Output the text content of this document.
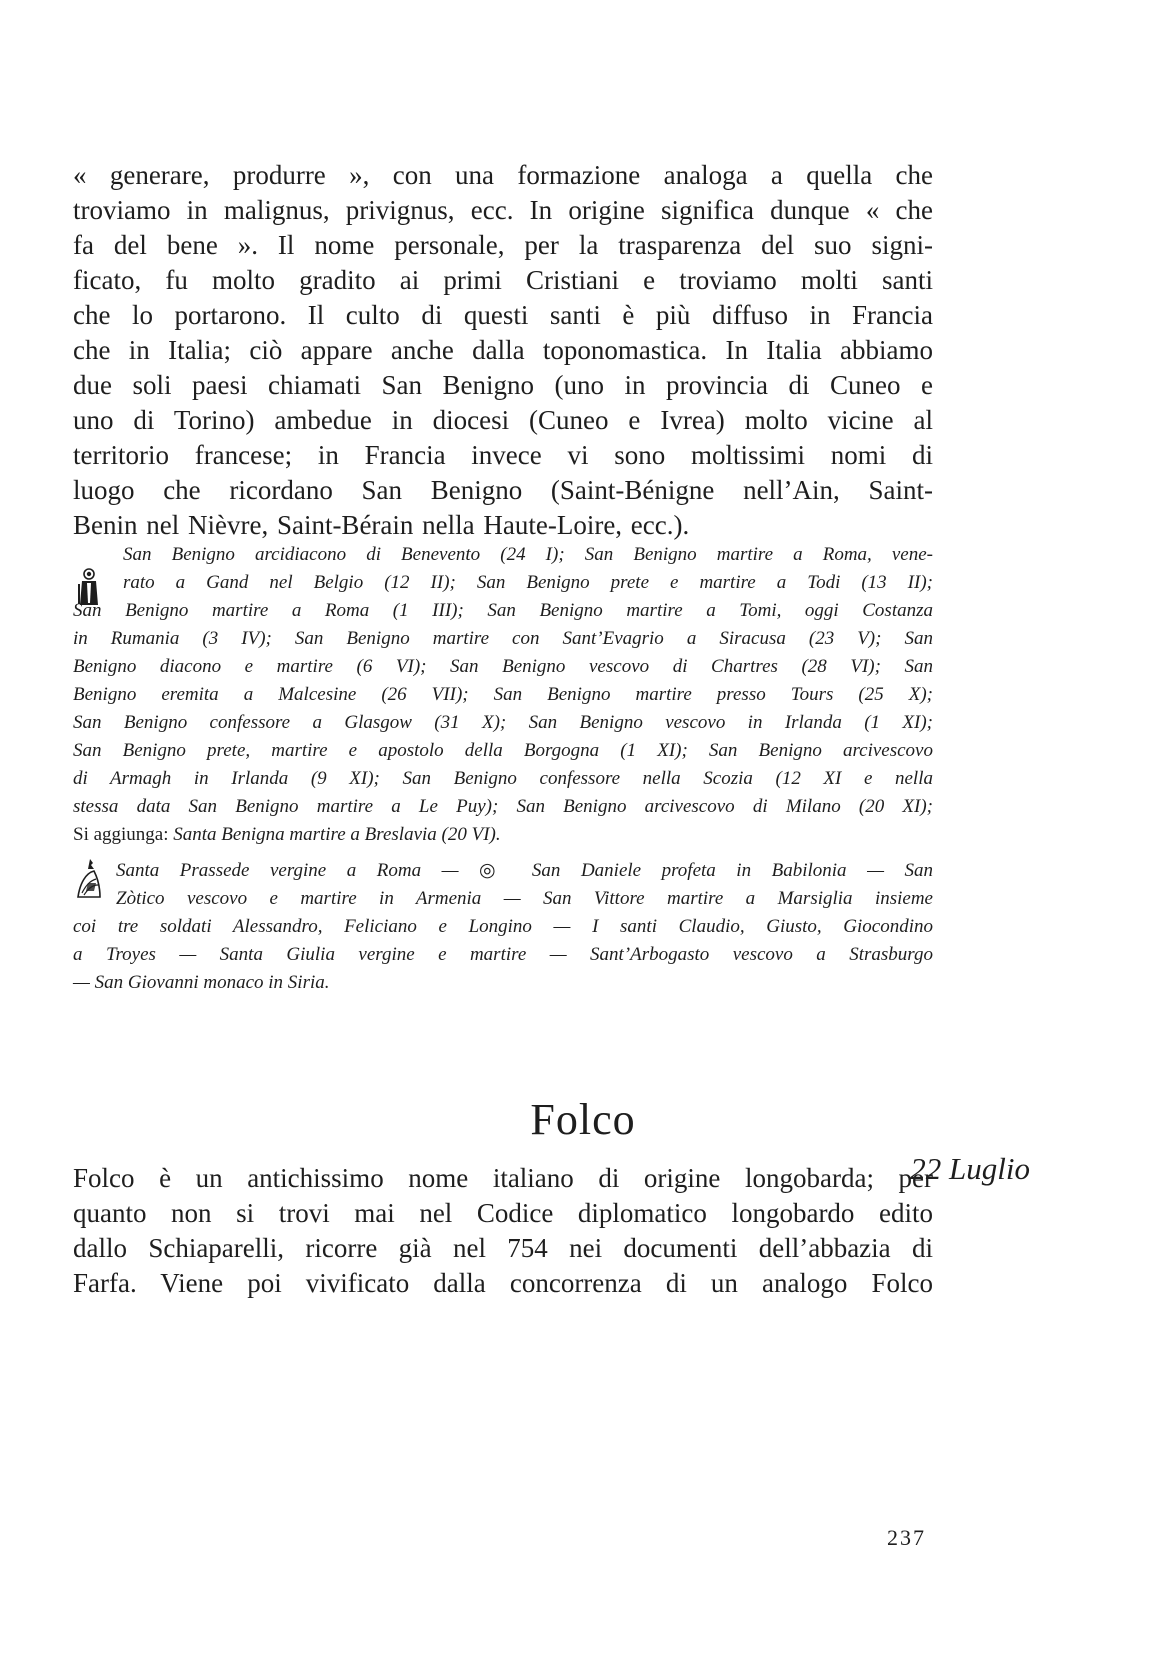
« generare, produrre », con una formazione analoga a quella che
troviamo in malignus, privignus, ecc. In origine significa dunque « che
fa del bene ». Il nome personale, per la trasparenza del suo signi-
ficato, fu molto gradito ai primi Cristiani e troviamo molti santi
che lo portarono. Il culto di questi santi è più diffuso in Francia
che in Italia; ciò appare anche dalla toponomastica. In Italia abbiamo
due soli paesi chiamati San Benigno (uno in provincia di Cuneo e
uno di Torino) ambedue in diocesi (Cuneo e Ivrea) molto vicine al
territorio francese; in Francia invece vi sono moltissimi nomi di
luogo che ricordano San Benigno (Saint-Bénigne nell’Ain, Saint-
Benin nel Nièvre, Saint-Bérain nella Haute-Loire, ecc.).
San Benigno arcidiacono di Benevento (24 I); San Benigno martire a Roma, vene-
rato a Gand nel Belgio (12 II); San Benigno prete e martire a Todi (13 II);
San Benigno martire a Roma (1 III); San Benigno martire a Tomi, oggi Costanza
in Rumania (3 IV); San Benigno martire con Sant’Evagrio a Siracusa (23 V); San
Benigno diacono e martire (6 VI); San Benigno vescovo di Chartres (28 VI); San
Benigno eremita a Malcesine (26 VII); San Benigno martire presso Tours (25 X);
San Benigno confessore a Glasgow (31 X); San Benigno vescovo in Irlanda (1 XI);
San Benigno prete, martire e apostolo della Borgogna (1 XI); San Benigno arcivescovo
di Armagh in Irlanda (9 XI); San Benigno confessore nella Scozia (12 XI e nella
stessa data San Benigno martire a Le Puy); San Benigno arcivescovo di Milano (20 XI);
Si aggiunga: Santa Benigna martire a Breslavia (20 VI).
Santa Prassede vergine a Roma — ◎ San Daniele profeta in Babilonia — San
Zòtico vescovo e martire in Armenia — San Vittore martire a Marsiglia insieme
coi tre soldati Alessandro, Feliciano e Longino — I santi Claudio, Giusto, Giocondino
a Troyes — Santa Giulia vergine e martire — Sant’Arbogasto vescovo a Strasburgo
— San Giovanni monaco in Siria.
Folco
22 Luglio
Folco è un antichissimo nome italiano di origine longobarda; per
quanto non si trovi mai nel Codice diplomatico longobardo edito
dallo Schiaparelli, ricorre già nel 754 nei documenti dell’abbazia di
Farfa. Viene poi vivificato dalla concorrenza di un analogo Folco
237
